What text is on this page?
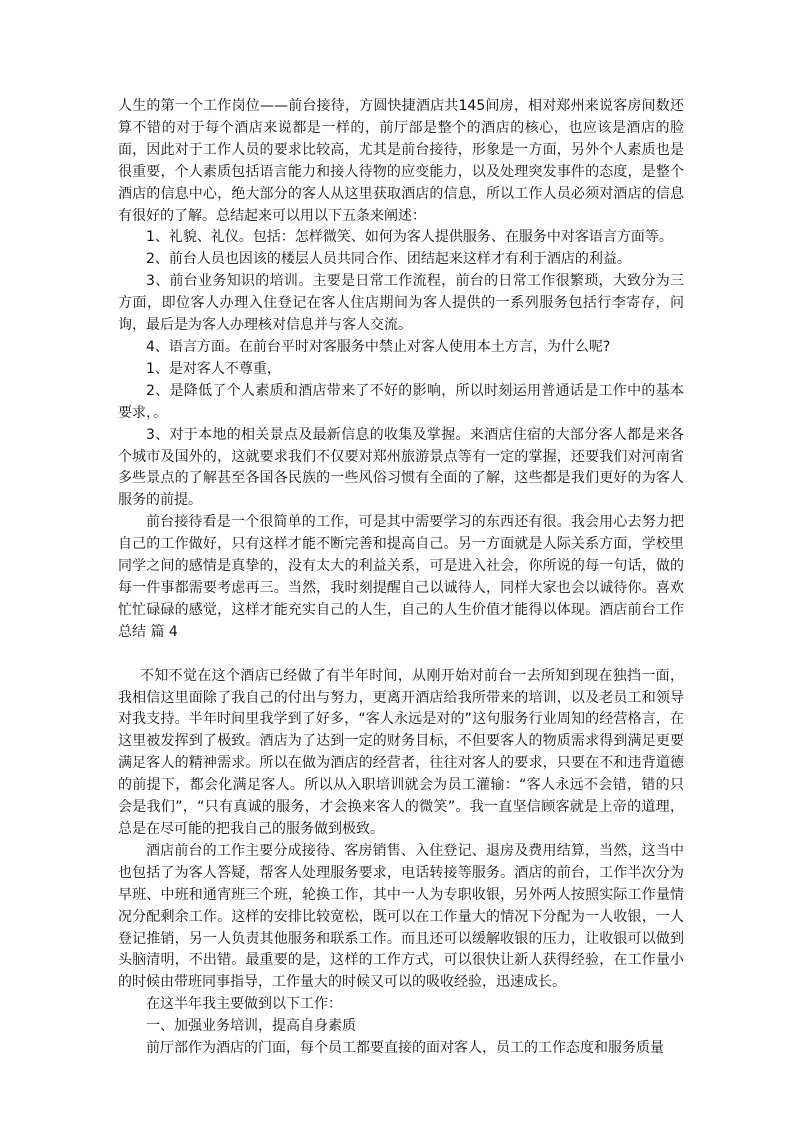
人生的第一个工作岗位——前台接待，方圆快捷酒店共145间房，相对郑州来说客房间数还算不错的对于每个酒店来说都是一样的，前厅部是整个的酒店的核心，也应该是酒店的脸面，因此对于工作人员的要求比较高，尤其是前台接待，形象是一方面，另外个人素质也是很重要，个人素质包括语言能力和接人待物的应变能力，以及处理突发事件的态度，是整个酒店的信息中心，绝大部分的客人从这里获取酒店的信息，所以工作人员必须对酒店的信息有很好的了解。总结起来可以用以下五条来阐述：

1、礼貌、礼仪。包括：怎样微笑、如何为客人提供服务、在服务中对客语言方面等。

2、前台人员也因该的楼层人员共同合作、团结起来这样才有利于酒店的利益。

3、前台业务知识的培训。主要是日常工作流程，前台的日常工作很繁琐，大致分为三方面，即位客人办理入住登记在客人住店期间为客人提供的一系列服务包括行李寄存，问询，最后是为客人办理核对信息并与客人交流。

4、语言方面。在前台平时对客服务中禁止对客人使用本土方言，为什么呢?

1、是对客人不尊重，

2、是降低了个人素质和酒店带来了不好的影响，所以时刻运用普通话是工作中的基本要求，。

3、对于本地的相关景点及最新信息的收集及掌握。来酒店住宿的大部分客人都是来各个城市及国外的，这就要求我们不仅要对郑州旅游景点等有一定的掌握，还要我们对河南省多些景点的了解甚至各国各民族的一些风俗习惯有全面的了解，这些都是我们更好的为客人服务的前提。

前台接待看是一个很简单的工作，可是其中需要学习的东西还有很。我会用心去努力把自己的工作做好，只有这样才能不断完善和提高自己。另一方面就是人际关系方面，学校里同学之间的感情是真挚的，没有太大的利益关系，可是进入社会，你所说的每一句话，做的每一件事都需要考虑再三。当然，我时刻提醒自己以诚待人，同样大家也会以诚待你。喜欢忙忙碌碌的感觉，这样才能充实自己的人生，自己的人生价值才能得以体现。酒店前台工作总结 篇 4

不知不觉在这个酒店已经做了有半年时间，从刚开始对前台一去所知到现在独挡一面，我相信这里面除了我自己的付出与努力，更离开酒店给我所带来的培训，以及老员工和领导对我支持。半年时间里我学到了好多，“客人永远是对的”这句服务行业周知的经营格言，在这里被发挥到了极致。酒店为了达到一定的财务目标，不但要客人的物质需求得到满足更要满足客人的精神需求。所以在做为酒店的经营者，往往对客人的要求，只要在不和违背道德的前提下，都会化满足客人。所以从入职培训就会为员工灌输：“客人永远不会错，错的只会是我们”，“只有真诚的服务，才会换来客人的微笑”。我一直坚信顾客就是上帝的道理，总是在尽可能的把我自己的服务做到极致。

酒店前台的工作主要分成接待、客房销售、入住登记、退房及费用结算，当然，这当中也包括了为客人答疑，帮客人处理服务要求，电话转接等服务。酒店的前台，工作半次分为早班、中班和通宵班三个班，轮换工作，其中一人为专职收银，另外两人按照实际工作量情况分配剩余工作。这样的安排比较宽松，既可以在工作量大的情况下分配为一人收银，一人登记推销，另一人负责其他服务和联系工作。而且还可以缓解收银的压力，让收银可以做到头脑清明，不出错。最重要的是，这样的工作方式，可以很快让新人获得经验，在工作量小的时候由带班同事指导，工作量大的时候又可以的吸收经验，迅速成长。

在这半年我主要做到以下工作：

一、加强业务培训，提高自身素质

前厅部作为酒店的门面，每个员工都要直接的面对客人，员工的工作态度和服务质量
